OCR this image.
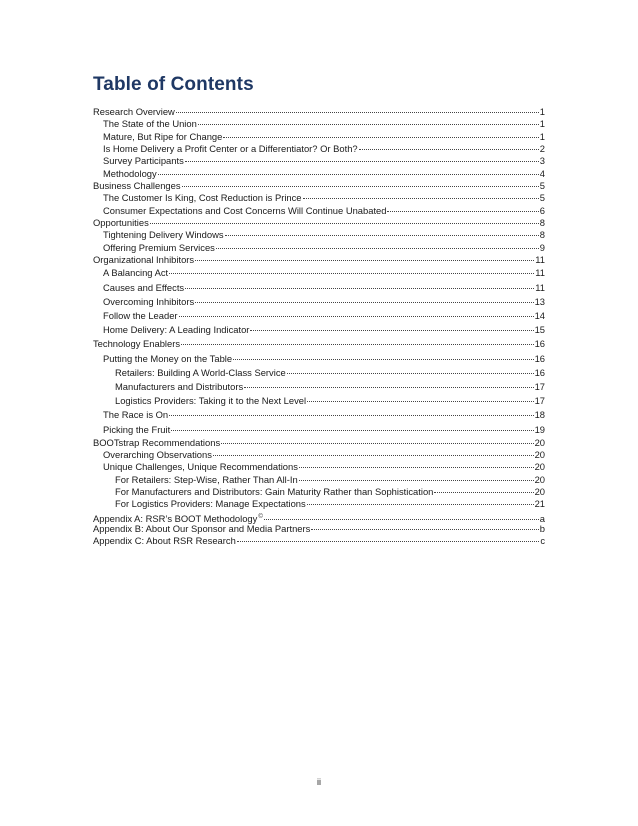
Table of Contents
Research Overview	1
The State of the Union	1
Mature, But Ripe for Change	1
Is Home Delivery a Profit Center or a Differentiator? Or Both?	2
Survey Participants	3
Methodology	4
Business Challenges	5
The Customer Is King, Cost Reduction is Prince	5
Consumer Expectations and Cost Concerns Will Continue Unabated	6
Opportunities	8
Tightening Delivery Windows	8
Offering Premium Services	9
Organizational Inhibitors	11
A Balancing Act	11
Causes and Effects	11
Overcoming Inhibitors	13
Follow the Leader	14
Home Delivery: A Leading Indicator	15
Technology Enablers	16
Putting the Money on the Table	16
Retailers: Building A World-Class Service	16
Manufacturers and Distributors	17
Logistics Providers: Taking it to the Next Level	17
The Race is On	18
Picking the Fruit	19
BOOTstrap Recommendations	20
Overarching Observations	20
Unique Challenges, Unique Recommendations	20
For Retailers: Step-Wise, Rather Than All-In	20
For Manufacturers and Distributors: Gain Maturity Rather than Sophistication	20
For Logistics Providers: Manage Expectations	21
Appendix A: RSR’s BOOT Methodology©	a
Appendix B: About Our Sponsor and Media Partners	b
Appendix C: About RSR Research	c
ii
